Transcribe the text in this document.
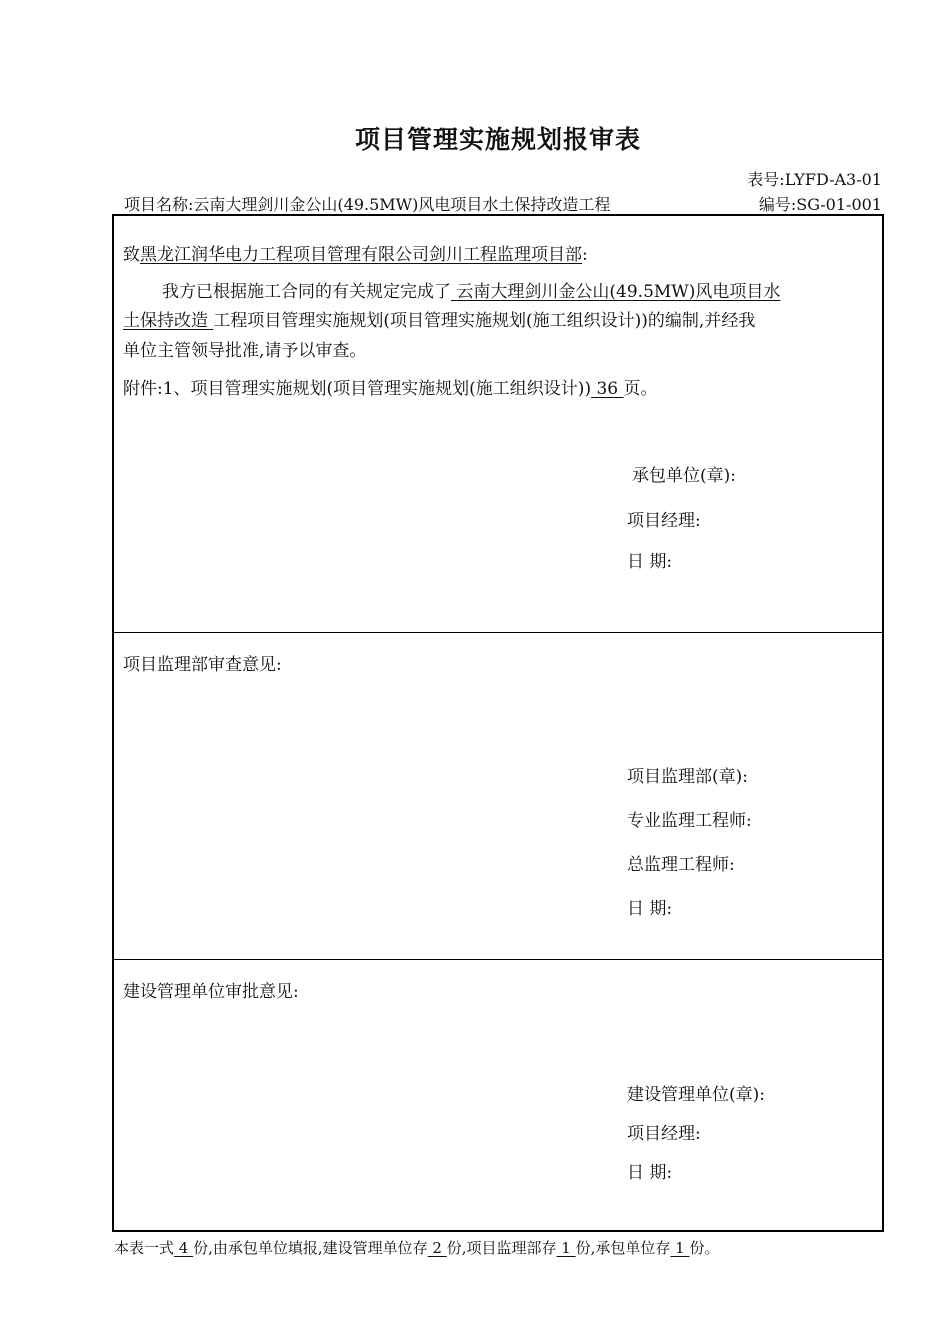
项目管理实施规划报审表
表号:LYFD-A3-01
项目名称:云南大理剑川金公山(49.5MW)风电项目水土保持改造工程	编号:SG-01-001
致黑龙江润华电力工程项目管理有限公司剑川工程监理项目部:
我方已根据施工合同的有关规定完成了 云南大理剑川金公山(49.5MW)风电项目水
土保持改造 工程项目管理实施规划(项目管理实施规划(施工组织设计))的编制,并经我
单位主管领导批准,请予以审查。
附件:1、项目管理实施规划(项目管理实施规划(施工组织设计)) 36 页。
承包单位(章):
项目经理:
日 期:
项目监理部审查意见:
项目监理部(章):
专业监理工程师:
总监理工程师:
日 期:
建设管理单位审批意见:
建设管理单位(章):
项目经理:
日 期:
本表一式 4 份,由承包单位填报,建设管理单位存 2 份,项目监理部存 1 份,承包单位存 1 份。
